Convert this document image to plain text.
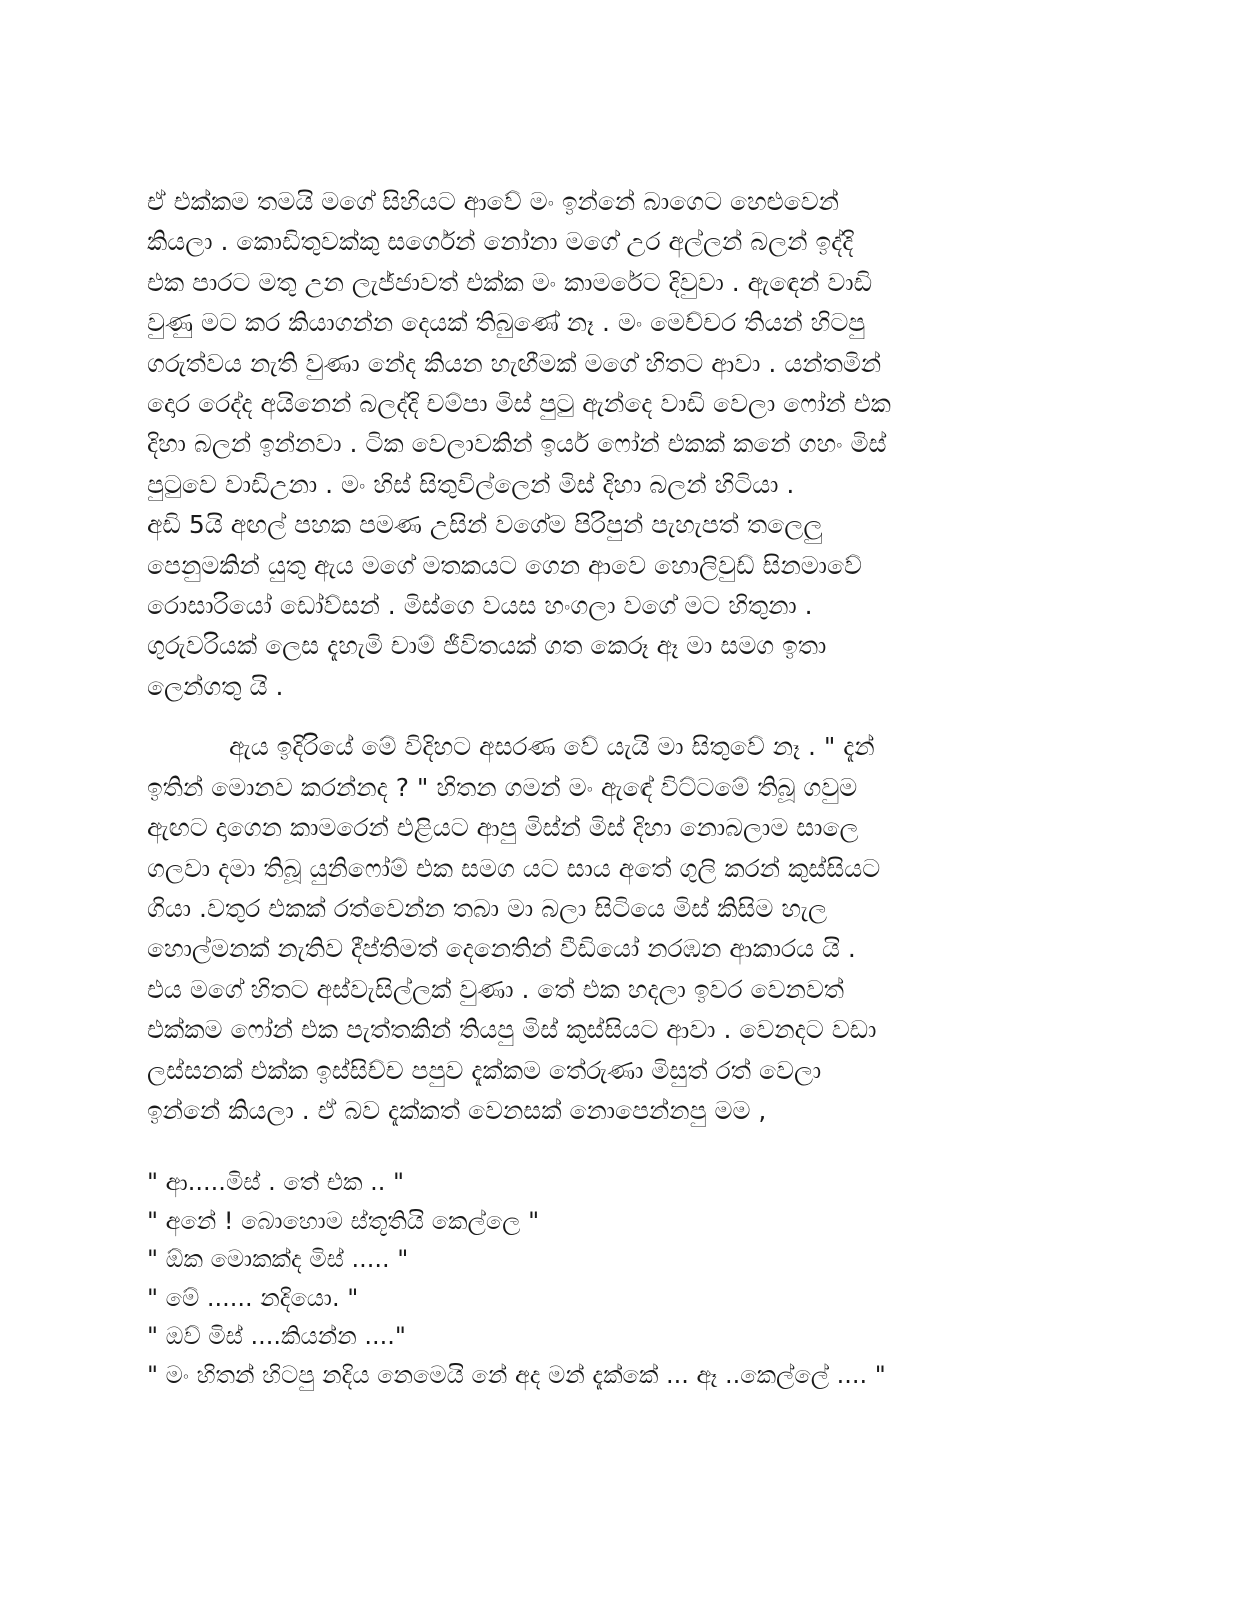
ඒ එක්කම තමයි මගේ සිහියට ආවේ මං ඉන්නේ බාගෙට හෙළුවෙන්
කියලා . කොඩිතුවක්කු සර්ගෙන් නෝනා මගේ උර අල්ලන් බලන් ඉද්දි
එක පාරට මතු උන ලැජ්ජාවත් එක්ක මං කාමරේට දිවුවා . ඇඳෙන් වාඩි
වුණු මට කර කියාගන්න දෙයක් තිබුණේ නෑ . මං මෙච්චර තියන් හිටපු
ගරුත්වය නැති වුණා නේද කියන හැඟීමක් මගේ හිතට ආවා . යන්තමින්
දොර රෙද්ද අයිනෙන් බලද්දි චම්පා මිස් පුටු ඇන්දෙ වාඩි වෙලා ෆෝන් එක
දිහා බලන් ඉන්නවා . ටික වෙලාවකින් ඉයර් ෆෝන් එකක් කනේ ගහං මිස්
පුටුවෙ වාඩිඋනා . මං හිස් සිතුවිල්ලෙන් මිස් දිහා බලන් හිටියා .
අඩි 5යි අඟල් පහක පමණ උසින් වගේම පිරිපුන් පැහැපත් තලෙලු
පෙනුමකින් යුතු ඇය මගේ මතකයට ගෙන ආවෙ හොලිවුඩ් සිනමාවේ
රොසාරියෝ ඩෝව්සන් . මිස්ගෙ වයස හංගලා වගේ මට හිතුනා .
ගුරුවරියක් ලෙස දැහැමි චාම් ජීවිතයක් ගත කෙරූ ඈ මා සමග ඉතා
ලෙන්ගතු යි .

ඇය ඉදිරියේ මේ විදිහට අසරණ වේ යැයි මා සිතුවේ නෑ . " දැන්
ඉතින් මොනව කරන්නද ? " හිතන ගමන් මං ඇඳේ විට්ටමේ තිබූ ගවුම
ඇඟට දාගෙන කාමරෙන් එළියට ආපු මිස්න් මිස් දිහා නොබලාම සාලෙ
ගලවා දමා තිබූ යුනිෆෝම් එක සමග යට සාය අතේ ගුලි කරන් කුස්සියට
ගියා .වතුර එකක් රත්වෙන්න තබා මා බලා සිටියෙ මිස් කිසිම හැල
හොල්මනක් නැතිව දීප්තිමත් දෙනෙතින් වීඩියෝ නරඹන ආකාරය යි .
එය මගේ හිතට අස්වැසිල්ලක් වුණා . තේ එක හදලා ඉවර වෙනවත්
එක්කම ෆෝන් එක පැත්තකින් තියපු මිස් කුස්සියට ආවා . වෙනදට වඩා
ලස්සනක් එක්ක ඉස්සිච්ච පපුව දැක්කම තේරුණා මිසුත් රත් වෙලා
ඉන්නේ කියලා . ඒ බව දැක්කත් වෙනසක් නොපෙන්නපු මම ,

" ආ.....මිස් . තේ එක .. "
" අනේ ! බොහොම ස්තූතියි කෙල්ලෙ "
" ඕක මොකක්ද මිස් ..... "
" මේ ...... නදියො. "
" ඔව් මිස් ....කියන්න ...."
" මං හිතන් හිටපු නදිය නෙමෙයි නේ අද මන් දැක්කේ ... ඈ ..කෙල්ලේ .... "
